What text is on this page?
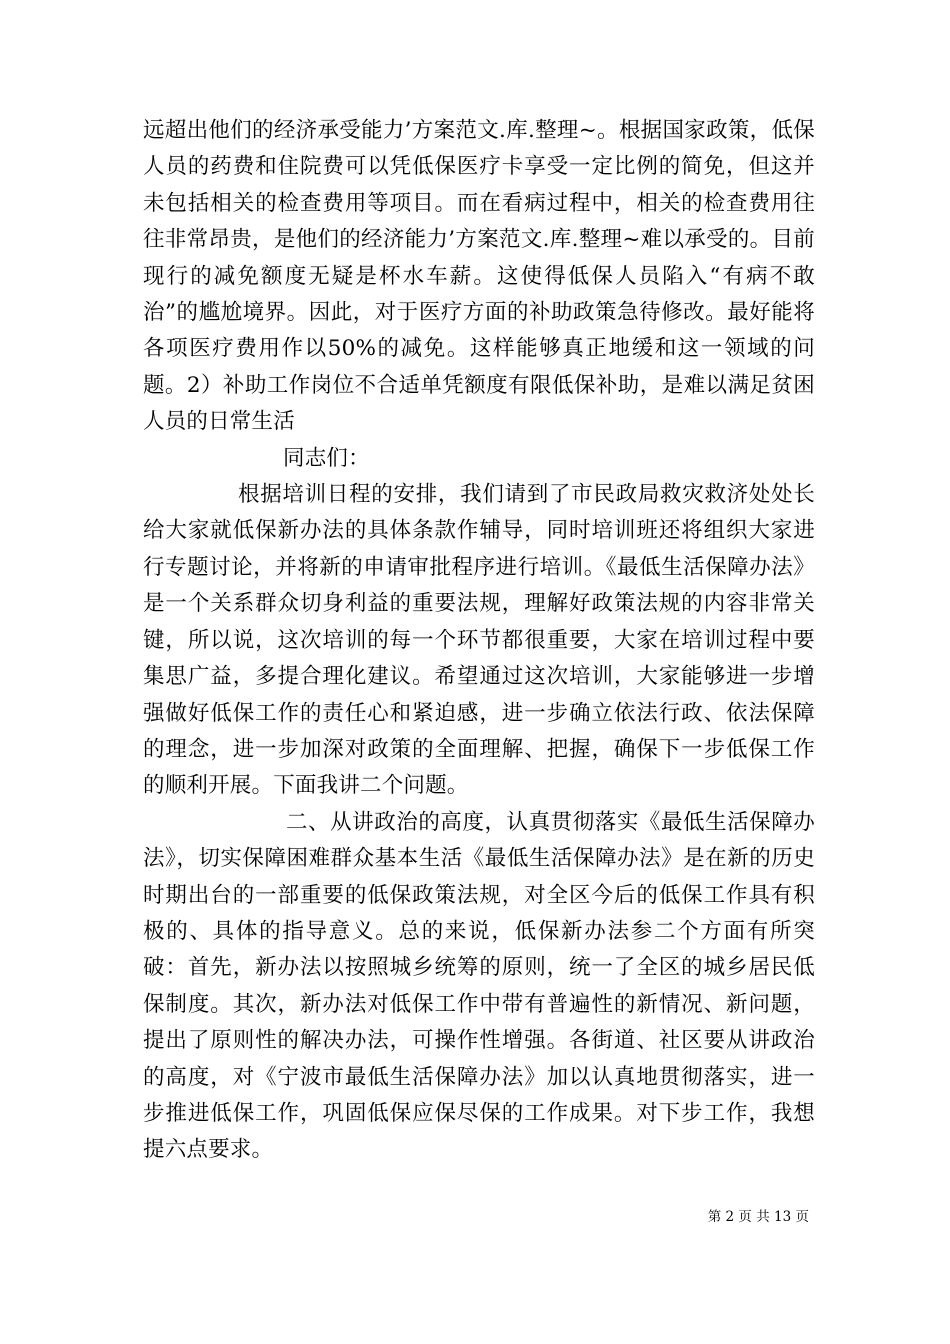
远超出他们的经济承受能力’方案范文.库.整理~。根据国家政策，低保人员的药费和住院费可以凭低保医疗卡享受一定比例的简免，但这并未包括相关的检查费用等项目。而在看病过程中，相关的检查费用往往非常昂贵，是他们的经济能力’方案范文.库.整理~难以承受的。目前现行的减免额度无疑是杯水车薪。这使得低保人员陷入“有病不敢治”的尴尬境界。因此，对于医疗方面的补助政策急待修改。最好能将各项医疗费用作以50%的减免。这样能够真正地缓和这一领域的问题。2）补助工作岗位不合适单凭额度有限低保补助，是难以满足贫困人员的日常生活

同志们：

根据培训日程的安排，我们请到了市民政局救灾救济处处长给大家就低保新办法的具体条款作辅导，同时培训班还将组织大家进行专题讨论，并将新的申请审批程序进行培训。《最低生活保障办法》是一个关系群众切身利益的重要法规，理解好政策法规的内容非常关键，所以说，这次培训的每一个环节都很重要，大家在培训过程中要集思广益，多提合理化建议。希望通过这次培训，大家能够进一步增强做好低保工作的责任心和紧迫感，进一步确立依法行政、依法保障的理念，进一步加深对政策的全面理解、把握，确保下一步低保工作的顺利开展。下面我讲二个问题。

二、从讲政治的高度，认真贯彻落实《最低生活保障办法》，切实保障困难群众基本生活《最低生活保障办法》是在新的历史时期出台的一部重要的低保政策法规，对全区今后的低保工作具有积极的、具体的指导意义。总的来说，低保新办法参二个方面有所突破：首先，新办法以按照城乡统筹的原则，统一了全区的城乡居民低保制度。其次，新办法对低保工作中带有普遍性的新情况、新问题，提出了原则性的解决办法，可操作性增强。各街道、社区要从讲政治的高度，对《宁波市最低生活保障办法》加以认真地贯彻落实，进一步推进低保工作，巩固低保应保尽保的工作成果。对下步工作，我想提六点要求。

第 2 页 共 13 页
